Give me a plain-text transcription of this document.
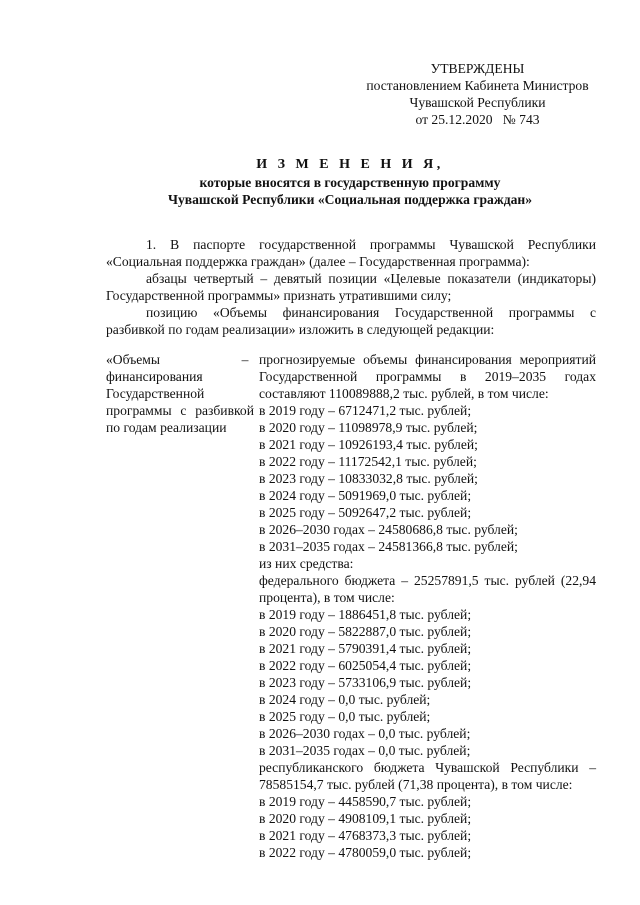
УТВЕРЖДЕНЫ
постановлением Кабинета Министров
Чувашской Республики
от 25.12.2020   № 743
И З М Е Н Е Н И Я,
которые вносятся в государственную программу
Чувашской Республики «Социальная поддержка граждан»

1. В паспорте государственной программы Чувашской Республики «Социальная поддержка граждан» (далее – Государственная программа):

абзацы четвертый – девятый позиции «Целевые показатели (индикаторы) Государственной программы» признать утратившими силу;

позицию «Объемы финансирования Государственной программы с разбивкой по годам реализации» изложить в следующей редакции:

«Объемы финансирования Государственной программы с разбивкой по годам реализации
– прогнозируемые объемы финансирования мероприятий Государственной программы в 2019–2035 годах составляют 110089888,2 тыс. рублей, в том числе:
в 2019 году – 6712471,2 тыс. рублей;
в 2020 году – 11098978,9 тыс. рублей;
в 2021 году – 10926193,4 тыс. рублей;
в 2022 году – 11172542,1 тыс. рублей;
в 2023 году – 10833032,8 тыс. рублей;
в 2024 году – 5091969,0 тыс. рублей;
в 2025 году – 5092647,2 тыс. рублей;
в 2026–2030 годах – 24580686,8 тыс. рублей;
в 2031–2035 годах – 24581366,8 тыс. рублей;
из них средства:
федерального бюджета – 25257891,5 тыс. рублей (22,94 процента), в том числе:
в 2019 году – 1886451,8 тыс. рублей;
в 2020 году – 5822887,0 тыс. рублей;
в 2021 году – 5790391,4 тыс. рублей;
в 2022 году – 6025054,4 тыс. рублей;
в 2023 году – 5733106,9 тыс. рублей;
в 2024 году – 0,0 тыс. рублей;
в 2025 году – 0,0 тыс. рублей;
в 2026–2030 годах – 0,0 тыс. рублей;
в 2031–2035 годах – 0,0 тыс. рублей;
республиканского бюджета Чувашской Республики – 78585154,7 тыс. рублей (71,38 процента), в том числе:
в 2019 году – 4458590,7 тыс. рублей;
в 2020 году – 4908109,1 тыс. рублей;
в 2021 году – 4768373,3 тыс. рублей;
в 2022 году – 4780059,0 тыс. рублей;
